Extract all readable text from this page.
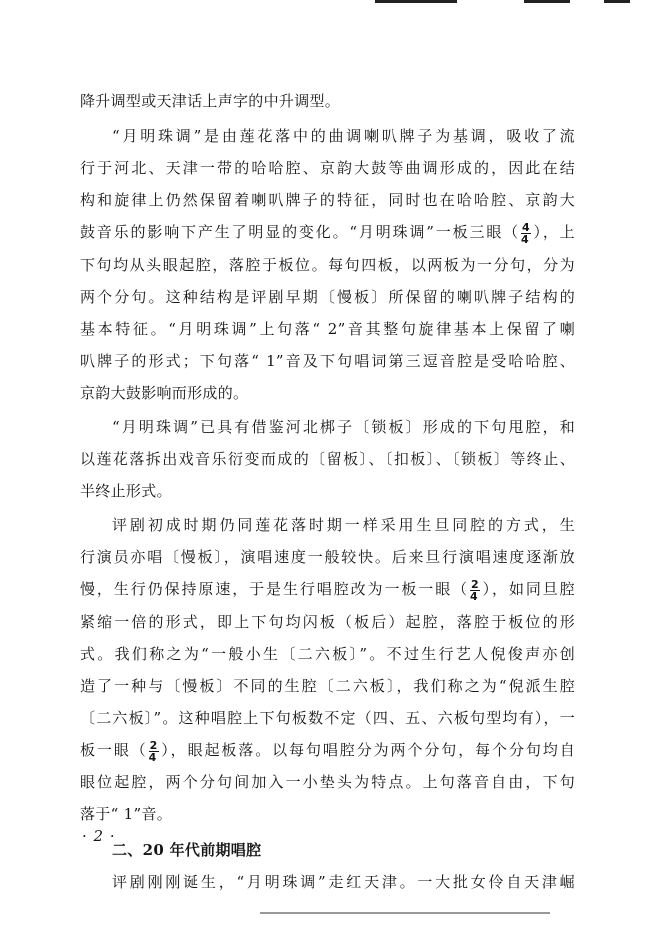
降升调型或天津话上声字的中升调型。
“月明珠调”是由莲花落中的曲调喇叭牌子为基调，吸收了流
行于河北、天津一带的哈哈腔、京韵大鼓等曲调形成的，因此在结
构和旋律上仍然保留着喇叭牌子的特征，同时也在哈哈腔、京韵大
鼓音乐的影响下产生了明显的变化。“月明珠调”一板三眼（ $\frac{4}{4}$ ），上
下句均从头眼起腔，落腔于板位。每句四板，以两板为一分句，分为
两个分句。这种结构是评剧早期〔慢板〕所保留的喇叭牌子结构的
基本特征。“月明珠调”上句落“ 2”音其整句旋律基本上保留了喇
叭牌子的形式；下句落“ 1”音及下句唱词第三逗音腔是受哈哈腔、
京韵大鼓影响而形成的。
“月明珠调”已具有借鉴河北梆子〔锁板〕形成的下句甩腔，和
以莲花落拆出戏音乐衍变而成的〔留板〕、〔扣板〕、〔锁板〕等终止、
半终止形式。
评剧初成时期仍同莲花落时期一样采用生旦同腔的方式，生
行演员亦唱〔慢板〕，演唱速度一般较快。后来旦行演唱速度逐渐放
慢，生行仍保持原速，于是生行唱腔改为一板一眼（ $\frac{2}{4}$ ），如同旦腔
紧缩一倍的形式，即上下句均闪板（板后）起腔，落腔于板位的形
式。我们称之为“一般小生〔二六板〕”。不过生行艺人倪俊声亦创
造了一种与〔慢板〕不同的生腔〔二六板〕，我们称之为“倪派生腔
〔二六板〕”。这种唱腔上下句板数不定（四、五、六板句型均有），一
板一眼（ $\frac{2}{4}$ ），眼起板落。以每句唱腔分为两个分句，每个分句均自
眼位起腔，两个分句间加入一小垫头为特点。上句落音自由，下句
落于“ 1”音。
二、20 年代前期唱腔
评剧刚刚诞生，“月明珠调”走红天津。一大批女伶自天津崛
· 2 ·
